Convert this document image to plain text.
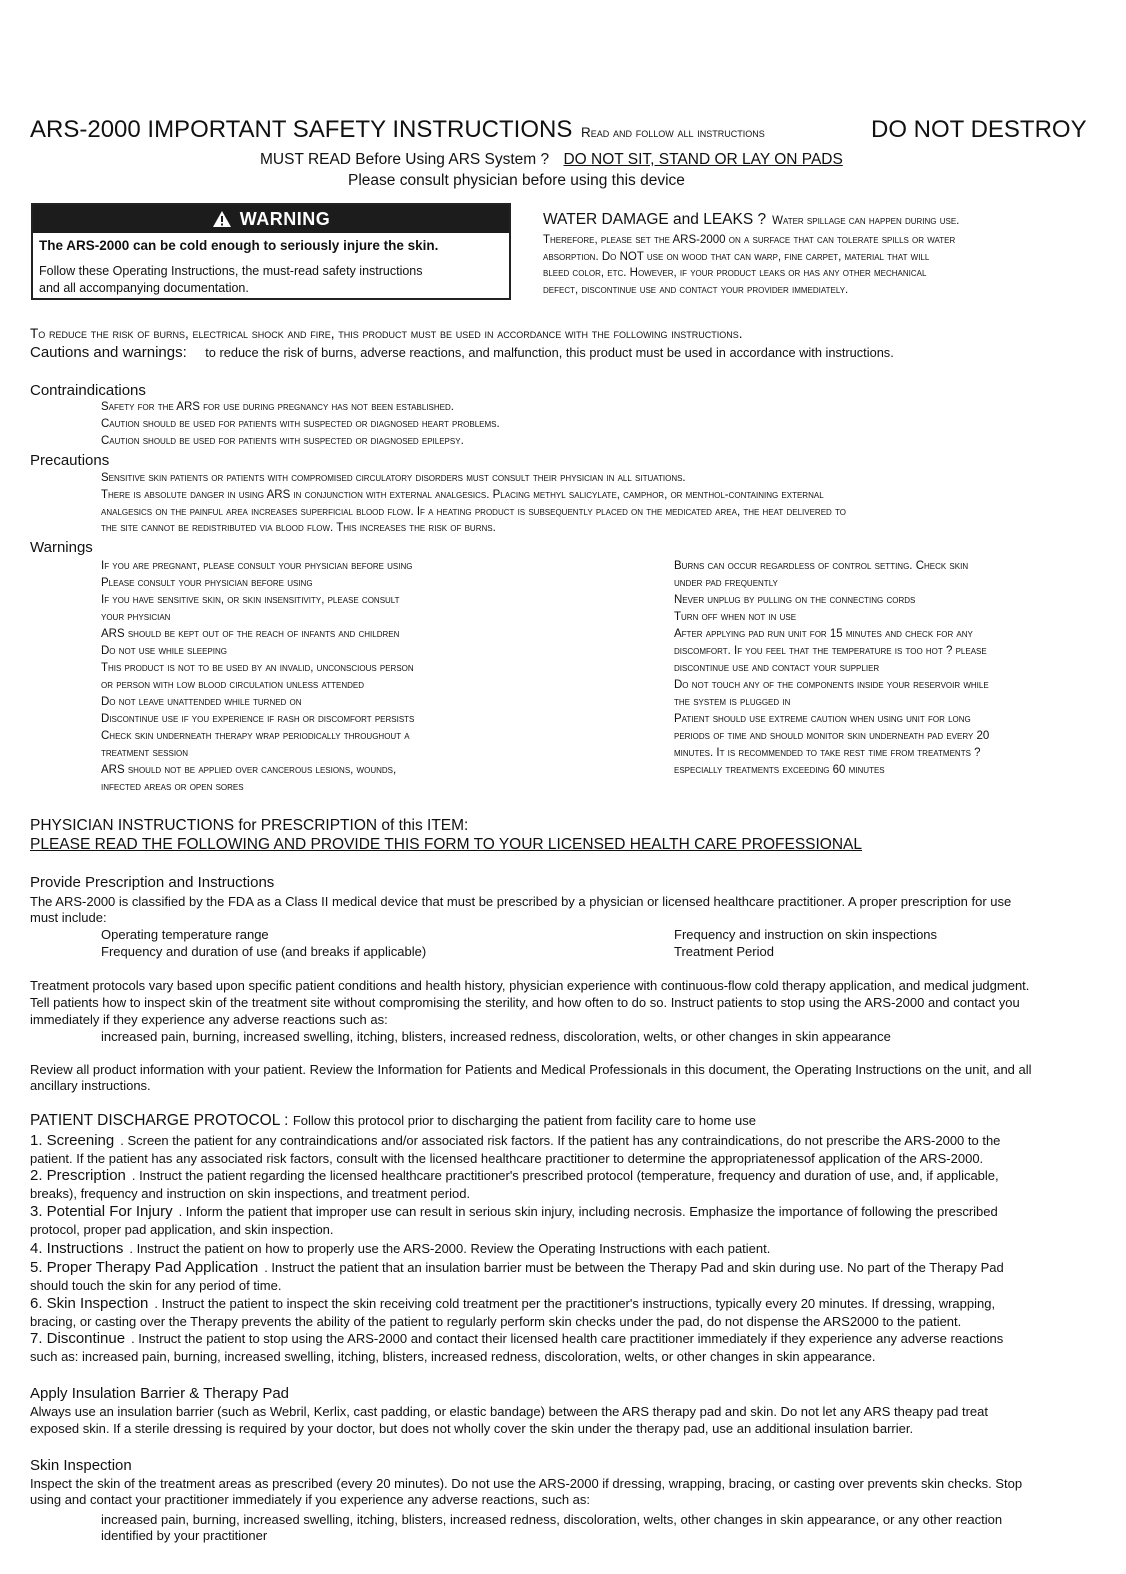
ARS-2000 IMPORTANT SAFETY INSTRUCTIONS Read and follow all instructions	DO NOT DESTROY
MUST READ Before Using ARS System ? DO NOT SIT, STAND OR LAY ON PADS
Please consult physician before using this device
WARNING
The ARS-2000 can be cold enough to seriously injure the skin.
Follow these Operating Instructions, the must-read safety instructions
and all accompanying documentation.
WATER DAMAGE and LEAKS ? Water spillage can happen during use.
Therefore, please set the ARS-2000 on a surface that can tolerate spills or water
absorption. Do NOT use on wood that can warp, fine carpet, material that will
bleed color, etc. However, if your product leaks or has any other mechanical
defect, discontinue use and contact your provider immediately.
To reduce the risk of burns, electrical shock and fire, this product must be used in accordance with the following instructions.
Cautions and warnings: to reduce the risk of burns, adverse reactions, and malfunction, this product must be used in accordance with instructions.
Contraindications
Safety for the ARS for use during pregnancy has not been established.
Caution should be used for patients with suspected or diagnosed heart problems.
Caution should be used for patients with suspected or diagnosed epilepsy.
Precautions
Sensitive skin patients or patients with compromised circulatory disorders must consult their physician in all situations.
There is absolute danger in using ARS in conjunction with external analgesics. Placing methyl salicylate, camphor, or menthol-containing external
analgesics on the painful area increases superficial blood flow. If a heating product is subsequently placed on the medicated area, the heat delivered to
the site cannot be redistributed via blood flow. This increases the risk of burns.
Warnings
If you are pregnant, please consult your physician before using
Please consult your physician before using
If you have sensitive skin, or skin insensitivity, please consult
your physician
ARS should be kept out of the reach of infants and children
Do not use while sleeping
This product is not to be used by an invalid, unconscious person
or person with low blood circulation unless attended
Do not leave unattended while turned on
Discontinue use if you experience if rash or discomfort persists
Check skin underneath therapy wrap periodically throughout a
treatment session
ARS should not be applied over cancerous lesions, wounds,
infected areas or open sores
Burns can occur regardless of control setting. Check skin
under pad frequently
Never unplug by pulling on the connecting cords
Turn off when not in use
After applying pad run unit for 15 minutes and check for any
discomfort. If you feel that the temperature is too hot ? please
discontinue use and contact your supplier
Do not touch any of the components inside your reservoir while
the system is plugged in
Patient should use extreme caution when using unit for long
periods of time and should monitor skin underneath pad every 20
minutes. It is recommended to take rest time from treatments ?
especially treatments exceeding 60 minutes
PHYSICIAN INSTRUCTIONS for PRESCRIPTION of this ITEM:
PLEASE READ THE FOLLOWING AND PROVIDE THIS FORM TO YOUR LICENSED HEALTH CARE PROFESSIONAL
Provide Prescription and Instructions
The ARS-2000 is classified by the FDA as a Class II medical device that must be prescribed by a physician or licensed healthcare practitioner. A proper prescription for use
must include:
Operating temperature range
Frequency and duration of use (and breaks if applicable)
Frequency and instruction on skin inspections
Treatment Period
Treatment protocols vary based upon specific patient conditions and health history, physician experience with continuous-flow cold therapy application, and medical judgment.
Tell patients how to inspect skin of the treatment site without compromising the sterility, and how often to do so. Instruct patients to stop using the ARS-2000 and contact you
immediately if they experience any adverse reactions such as:
increased pain, burning, increased swelling, itching, blisters, increased redness, discoloration, welts, or other changes in skin appearance
Review all product information with your patient. Review the Information for Patients and Medical Professionals in this document, the Operating Instructions on the unit, and all
ancillary instructions.
PATIENT DISCHARGE PROTOCOL : Follow this protocol prior to discharging the patient from facility care to home use
1. Screening . Screen the patient for any contraindications and/or associated risk factors. If the patient has any contraindications, do not prescribe the ARS-2000 to the
patient. If the patient has any associated risk factors, consult with the licensed healthcare practitioner to determine the appropriatenessof application of the ARS-2000.
2. Prescription . Instruct the patient regarding the licensed healthcare practitioner's prescribed protocol (temperature, frequency and duration of use, and, if applicable,
breaks), frequency and instruction on skin inspections, and treatment period.
3. Potential For Injury . Inform the patient that improper use can result in serious skin injury, including necrosis. Emphasize the importance of following the prescribed
protocol, proper pad application, and skin inspection.
4. Instructions . Instruct the patient on how to properly use the ARS-2000. Review the Operating Instructions with each patient.
5. Proper Therapy Pad Application . Instruct the patient that an insulation barrier must be between the Therapy Pad and skin during use. No part of the Therapy Pad
should touch the skin for any period of time.
6. Skin Inspection . Instruct the patient to inspect the skin receiving cold treatment per the practitioner's instructions, typically every 20 minutes. If dressing, wrapping,
bracing, or casting over the Therapy prevents the ability of the patient to regularly perform skin checks under the pad, do not dispense the ARS2000 to the patient.
7. Discontinue . Instruct the patient to stop using the ARS-2000 and contact their licensed health care practitioner immediately if they experience any adverse reactions
such as: increased pain, burning, increased swelling, itching, blisters, increased redness, discoloration, welts, or other changes in skin appearance.
Apply Insulation Barrier & Therapy Pad
Always use an insulation barrier (such as Webril, Kerlix, cast padding, or elastic bandage) between the ARS therapy pad and skin. Do not let any ARS theapy pad treat
exposed skin. If a sterile dressing is required by your doctor, but does not wholly cover the skin under the therapy pad, use an additional insulation barrier.
Skin Inspection
Inspect the skin of the treatment areas as prescribed (every 20 minutes). Do not use the ARS-2000 if dressing, wrapping, bracing, or casting over prevents skin checks. Stop
using and contact your practitioner immediately if you experience any adverse reactions, such as:
increased pain, burning, increased swelling, itching, blisters, increased redness, discoloration, welts, other changes in skin appearance, or any other reaction
identified by your practitioner
